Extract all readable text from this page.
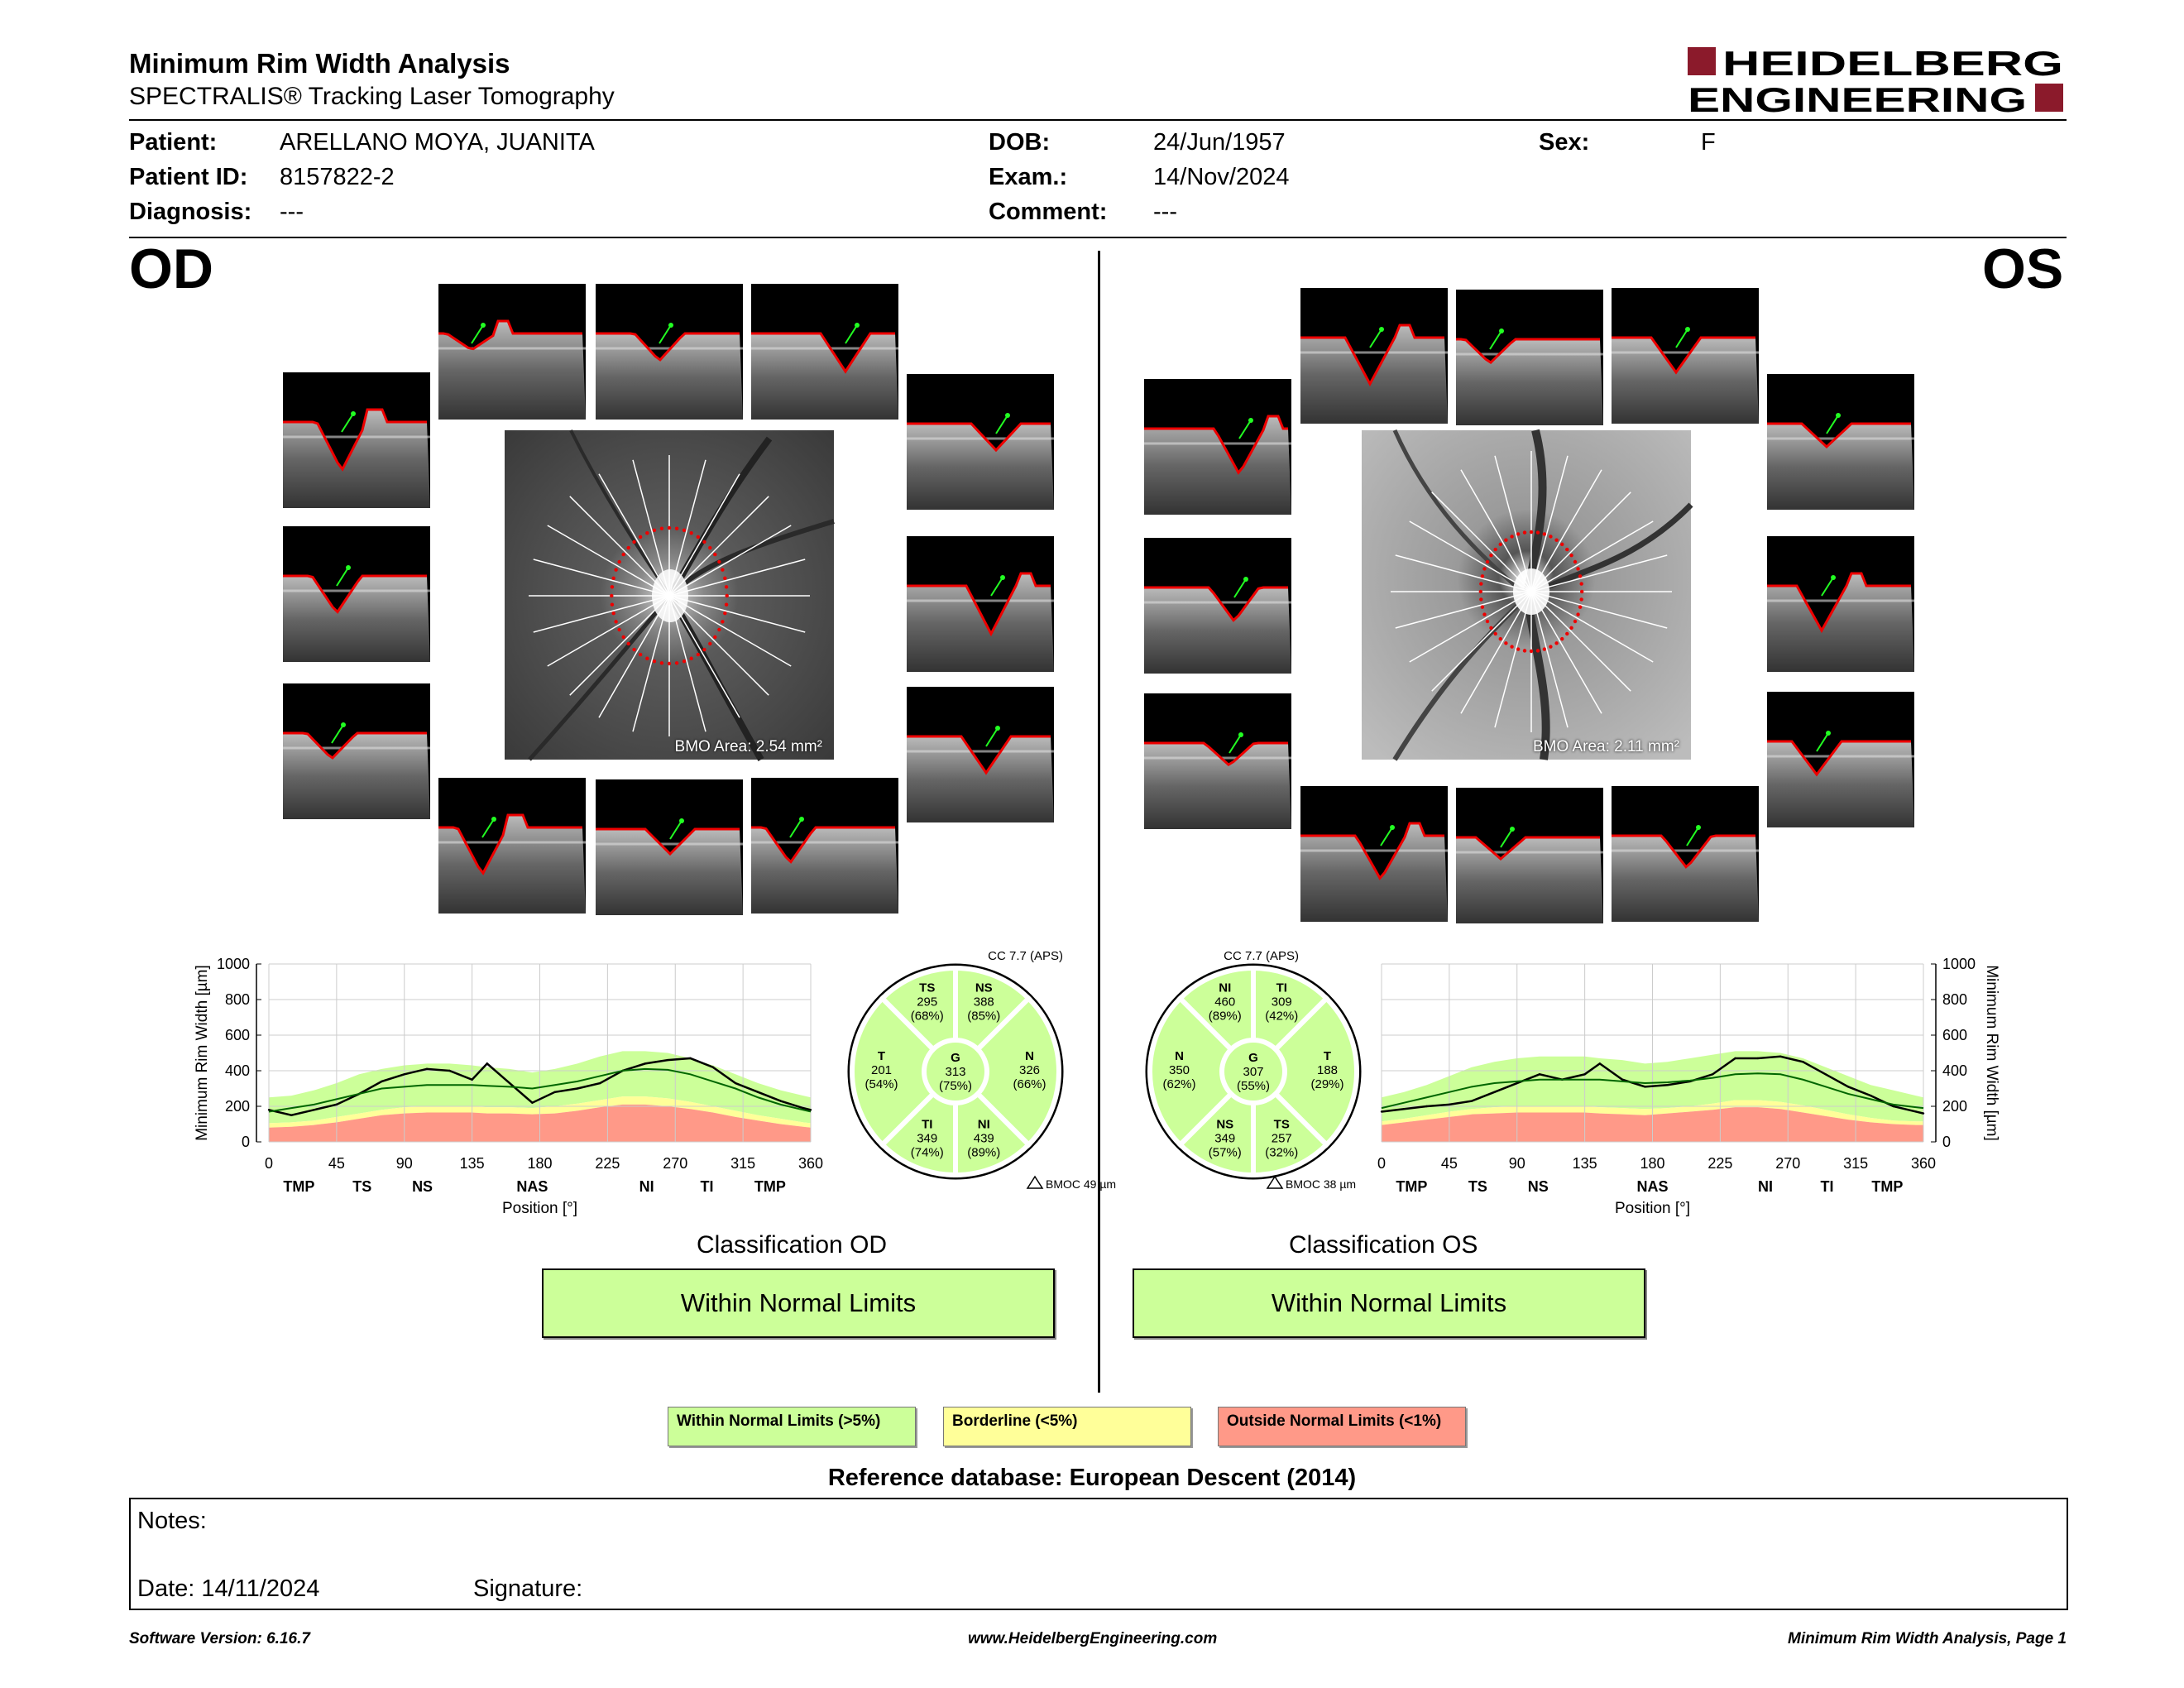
Minimum Rim Width Analysis
SPECTRALIS® Tracking Laser Tomography
HEIDELBERG
ENGINEERING
Patient:	ARELLANO MOYA, JUANITA
Patient ID: 8157822-2
Diagnosis: ---
DOB:	24/Jun/1957
Exam.:	14/Nov/2024
Comment: ---
Sex:	F
OD	OS
BMO Area: 2.54 mm²	BMO Area: 2.11 mm²
0
200
400
600
800
1000
0	45	90	135	180	225	270	315	360
TMP	TS	NS	NAS	NI	TI	TMP
Position [°]
Minimum Rim Width [µm]
0
200
400
600
800
1000
0	45	90	135	180	225	270	315	360
TMP	TS	NS	NAS	NI	TI	TMP
Position [°]
Minimum Rim Width [µm]
T
201
(54%)
TS
295
(68%)
NS
388
(85%)
N
326
(66%)
NI
439
(89%)
TI
349
(74%)
G
313
(75%)
CC 7.7 (APS)
BMOC 49 µm
T
188
(29%)
TS
257
(32%)
NS
349
(57%)
N
350
(62%)
NI
460
(89%)
TI
309
(42%)
G
307
(55%)
CC 7.7 (APS)
BMOC 38 µm
Classification OD
Within Normal Limits
Classification OS
Within Normal Limits
Within Normal Limits (>5%)	Borderline (<5%)	Outside Normal Limits (<1%)
Reference database: European Descent (2014)
Notes:
Date: 14/11/2024	Signature:
Software Version: 6.16.7	www.HeidelbergEngineering.com	Minimum Rim Width Analysis, Page 1
